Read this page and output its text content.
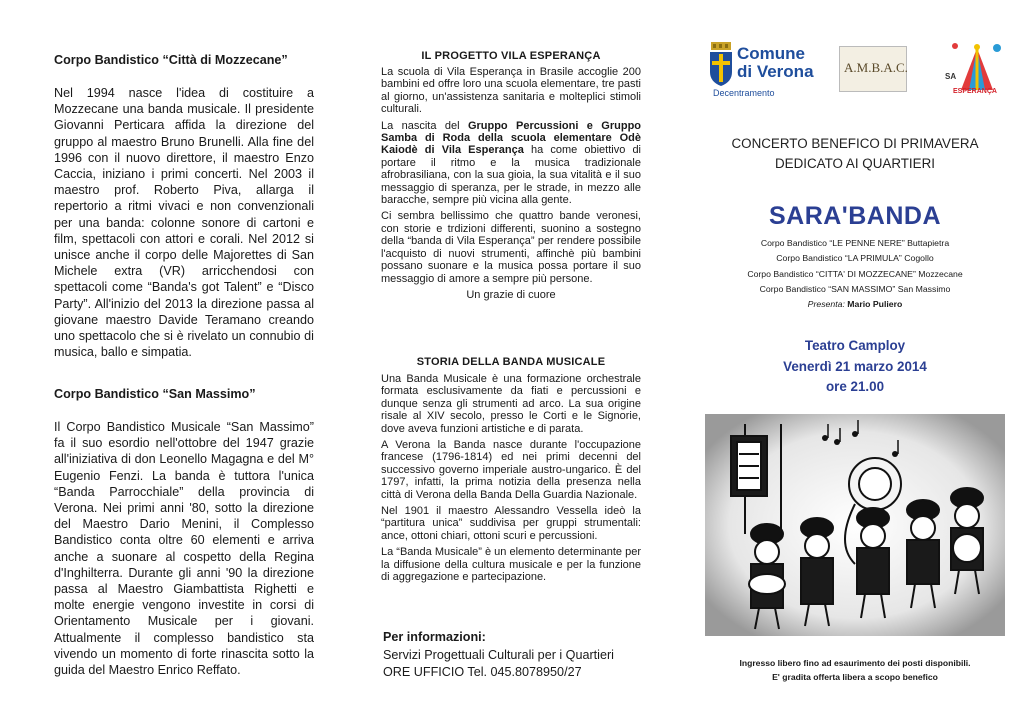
Corpo Bandistico “Città di Mozzecane”

Nel 1994 nasce l'idea di costituire a Mozzecane una banda musicale. Il presidente Giovanni Perticara affida la direzione del gruppo al maestro Bruno Brunelli. Alla fine del 1996 con il nuovo direttore, il maestro Enzo Caccia, iniziano i primi concerti. Nel 2003 il maestro prof. Roberto Piva, allarga il repertorio a ritmi vivaci e non convenzionali per una banda: colonne sonore di cartoni e film, spettacoli con attori e corali. Nel 2012 si unisce anche il corpo delle Majorettes di San Michele extra (VR) arricchendosi con spettacoli come “Banda's got Talent” e “Disco Party”. All'inizio del 2013 la direzione passa al giovane maestro Davide Teramano creando uno spettacolo che si è rivelato un connubio di musica, ballo e simpatia.

Corpo Bandistico “San Massimo”

Il Corpo Bandistico Musicale “San Massimo” fa il suo esordio nell'ottobre del 1947 grazie all'iniziativa di don Leonello Magagna e del M° Eugenio Fenzi. La banda è tuttora l'unica “Banda Parrocchiale” della provincia di Verona. Nei primi anni '80, sotto la direzione del Maestro Dario Menini, il Complesso Bandistico conta oltre 60 elementi e arriva anche a suonare al cospetto della Regina d'Inghilterra. Durante gli anni '90 la direzione passa al Maestro Giambattista Righetti e molte energie vengono investite in corsi di Orientamento Musicale per i giovani. Attualmente il complesso bandistico sta vivendo un momento di forte rinascita sotto la guida del Maestro Enrico Reffato.

IL PROGETTO VILA ESPERANÇA

La scuola di Vila Esperança in Brasile accoglie 200 bambini ed offre loro una scuola elementare, tre pasti al giorno, un'assistenza sanitaria e molteplici stimoli culturali.

La nascita del Gruppo Percussioni e Gruppo Samba di Roda della scuola elementare Odè Kaiodè di Vila Esperança ha come obiettivo di portare il ritmo e la musica tradizionale afrobrasiliana, con la sua gioia, la sua vitalità e il suo messaggio di speranza, per le strade, in mezzo alle baracche, sempre più vicina alla gente.

Ci sembra bellissimo che quattro bande veronesi, con storie e trdizioni differenti, suonino a sostegno della “banda di Vila Esperança” per rendere possibile l'acquisto di nuovi strumenti, affinchè più bambini possano suonare e la musica possa portare il suo messaggio di amore a sempre più persone.

Un grazie di cuore

STORIA DELLA BANDA MUSICALE

Una Banda Musicale è una formazione orchestrale formata esclusivamente da fiati e percussioni e dunque senza gli strumenti ad arco. La sua origine risale al XIV secolo, presso le Corti e le Signorie, dove aveva funzioni artistiche e di parata.

A Verona la Banda nasce durante l'occupazione francese (1796-1814) ed nei primi decenni del successivo governo imperiale austro-ungarico. È del 1797, infatti, la prima notizia della presenza nella città di Verona della Banda Della Guardia Nazionale.

Nel 1901 il maestro Alessandro Vessella ideò la “partitura unica” suddivisa per gruppi strumentali: ance, ottoni chiari, ottoni scuri e percussioni.

La “Banda Musicale” è un elemento determinante per la diffusione della cultura musicale e per la funzione di aggregazione e partecipazione.

Per informazioni:
Servizi Progettuali Culturali per i Quartieri
ORE UFFICIO Tel. 045.8078950/27
Comune
di Verona
Decentramento

A.M.B.A.C.
SA
ESPERANÇA
CONCERTO BENEFICO DI PRIMAVERA
DEDICATO AI QUARTIERI
SARA'BANDA
Corpo Bandistico “LE PENNE NERE” Buttapietra
Corpo Bandistico “LA PRIMULA” Cogollo
Corpo Bandistico “CITTA' DI MOZZECANE” Mozzecane
Corpo Bandistico “SAN MASSIMO” San Massimo
Presenta: Mario Puliero
Teatro Camploy
Venerdì 21 marzo 2014
ore 21.00
Ingresso libero fino ad esaurimento dei posti disponibili.
E' gradita offerta libera a scopo benefico
